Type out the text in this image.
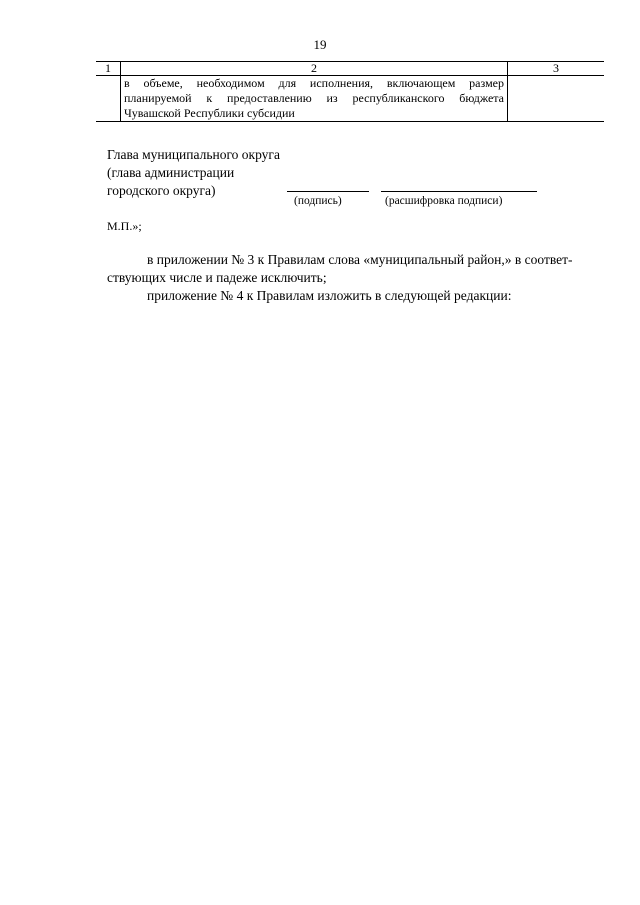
19
1	2	3

	в объеме, необходимом для исполнения, включающем размер планируемой к предоставлению из республиканского бюджета Чувашской Республики субсидии	

Глава муниципального округа
(глава администрации
городского округа)
(подпись)	(расшифровка подписи)
М.П.»;
в приложении № 3 к Правилам слова «муниципальный район,» в соответ-
ствующих числе и падеже исключить;
приложение № 4 к Правилам изложить в следующей редакции:
